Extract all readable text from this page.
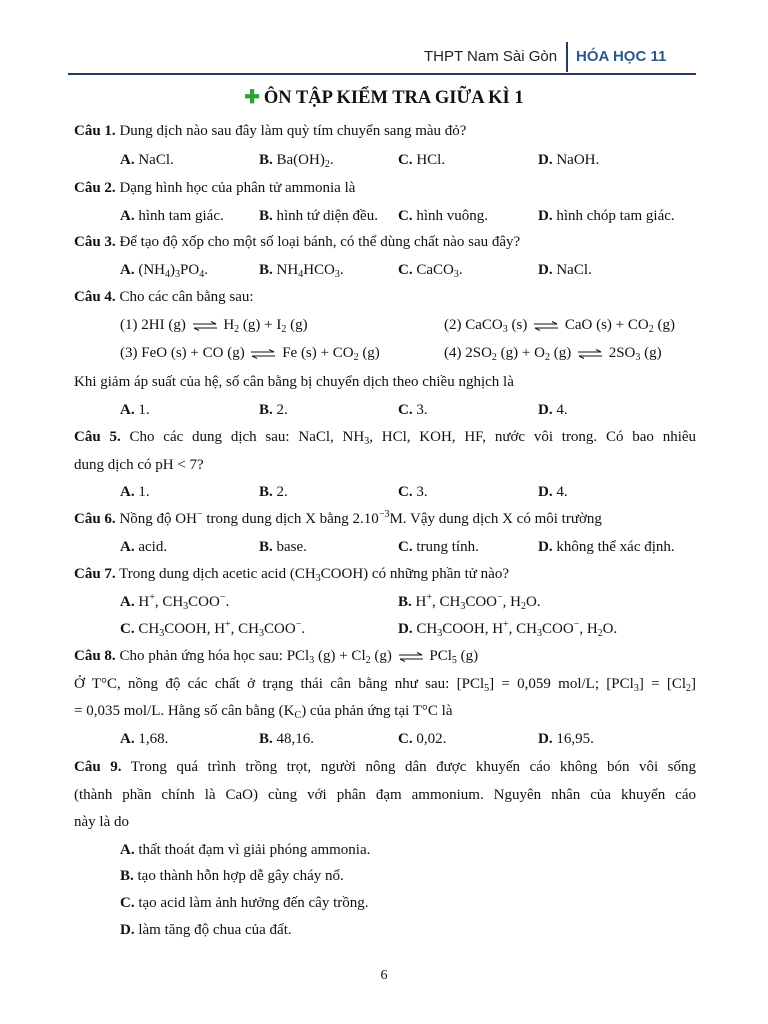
THPT Nam Sài Gòn HÓA HỌC 11
✚ ÔN TẬP KIỂM TRA GIỮA KÌ 1
Câu 1. Dung dịch nào sau đây làm quỳ tím chuyển sang màu đỏ?
A. NaCl.	B. $Ba(OH)_2$.	C. HCl.	D. NaOH.
Câu 2. Dạng hình học của phân tử ammonia là
A. hình tam giác. B. hình tứ diện đều. C. hình vuông.	D. hình chóp tam giác.
Câu 3. Để tạo độ xốp cho một số loại bánh, có thể dùng chất nào sau đây?
A. $(NH_4)_3PO_4$.	B. $NH_4HCO_3$.	C. CaCO$_3$.	D. NaCl.
Câu 4. Cho các cân bằng sau:
(1) 2HI (g)	$H_2$ $(g) + I_2$ (g)	(2) CaCO$_3$ (s)	CaO $(s) + CO_2$ (g)
(3) FeO (s) + CO (g)	Fe $(s) + CO_2$ (g)	(4) $2SO_2$ $(g) + O_2$ (g)	$2SO_3$ (g)
Khi giảm áp suất của hệ, số cân bằng bị chuyển dịch theo chiều nghịch là
A. 1.	B. 2.	C. 3.	D. 4.
Câu 5. Cho các dung dịch sau: NaCl, $NH_3$, HCl, KOH, HF, nước vôi trong. Có bao nhiêu
dung dịch có pH < 7?
A. 1.	B. 2.	C. 3.	D. 4.
Câu 6. Nồng độ OH− trong dung dịch X bằng $2.10^{-3}M$. Vậy dung dịch X có môi trường
A. acid.	B. base.	C. trung tính.	D. không thể xác định.
Câu 7. Trong dung dịch acetic acid $(CH_3COOH)$ có những phần tử nào?
A. H+, $CH_3COO^-$.	B. H+, $CH_3COO^-$, $H_2O$.
C. $CH_3COOH$, H+, $CH_3COO^-$.	D. $CH_3COOH$, H+, $CH_3COO^-$, $H_2O$.
Câu 8. Cho phản ứng hóa học sau: PCl$_3$ $(g) + Cl_2$ (g)	PCl$_5$ (g)
Ở T°C, nồng độ các chất ở trạng thái cân bằng như sau: [PCl$_5$] = 0,059 mol/L; $[PCl_3] = [Cl_2]$
= 0,035 mol/L. Hằng số cân bằng $(K_C)$ của phản ứng tại T°C là
A. 1,68.	B. 48,16.	C. 0,02.	D. 16,95.
Câu 9. Trong quá trình trồng trọt, người nông dân được khuyến cáo không bón vôi sống
(thành phần chính là CaO) cùng với phân đạm ammonium. Nguyên nhân của khuyến cáo
này là do
A. thất thoát đạm vì giải phóng ammonia.
B. tạo thành hỗn hợp dễ gây cháy nổ.
C. tạo acid làm ảnh hưởng đến cây trồng.
D. làm tăng độ chua của đất.
6
